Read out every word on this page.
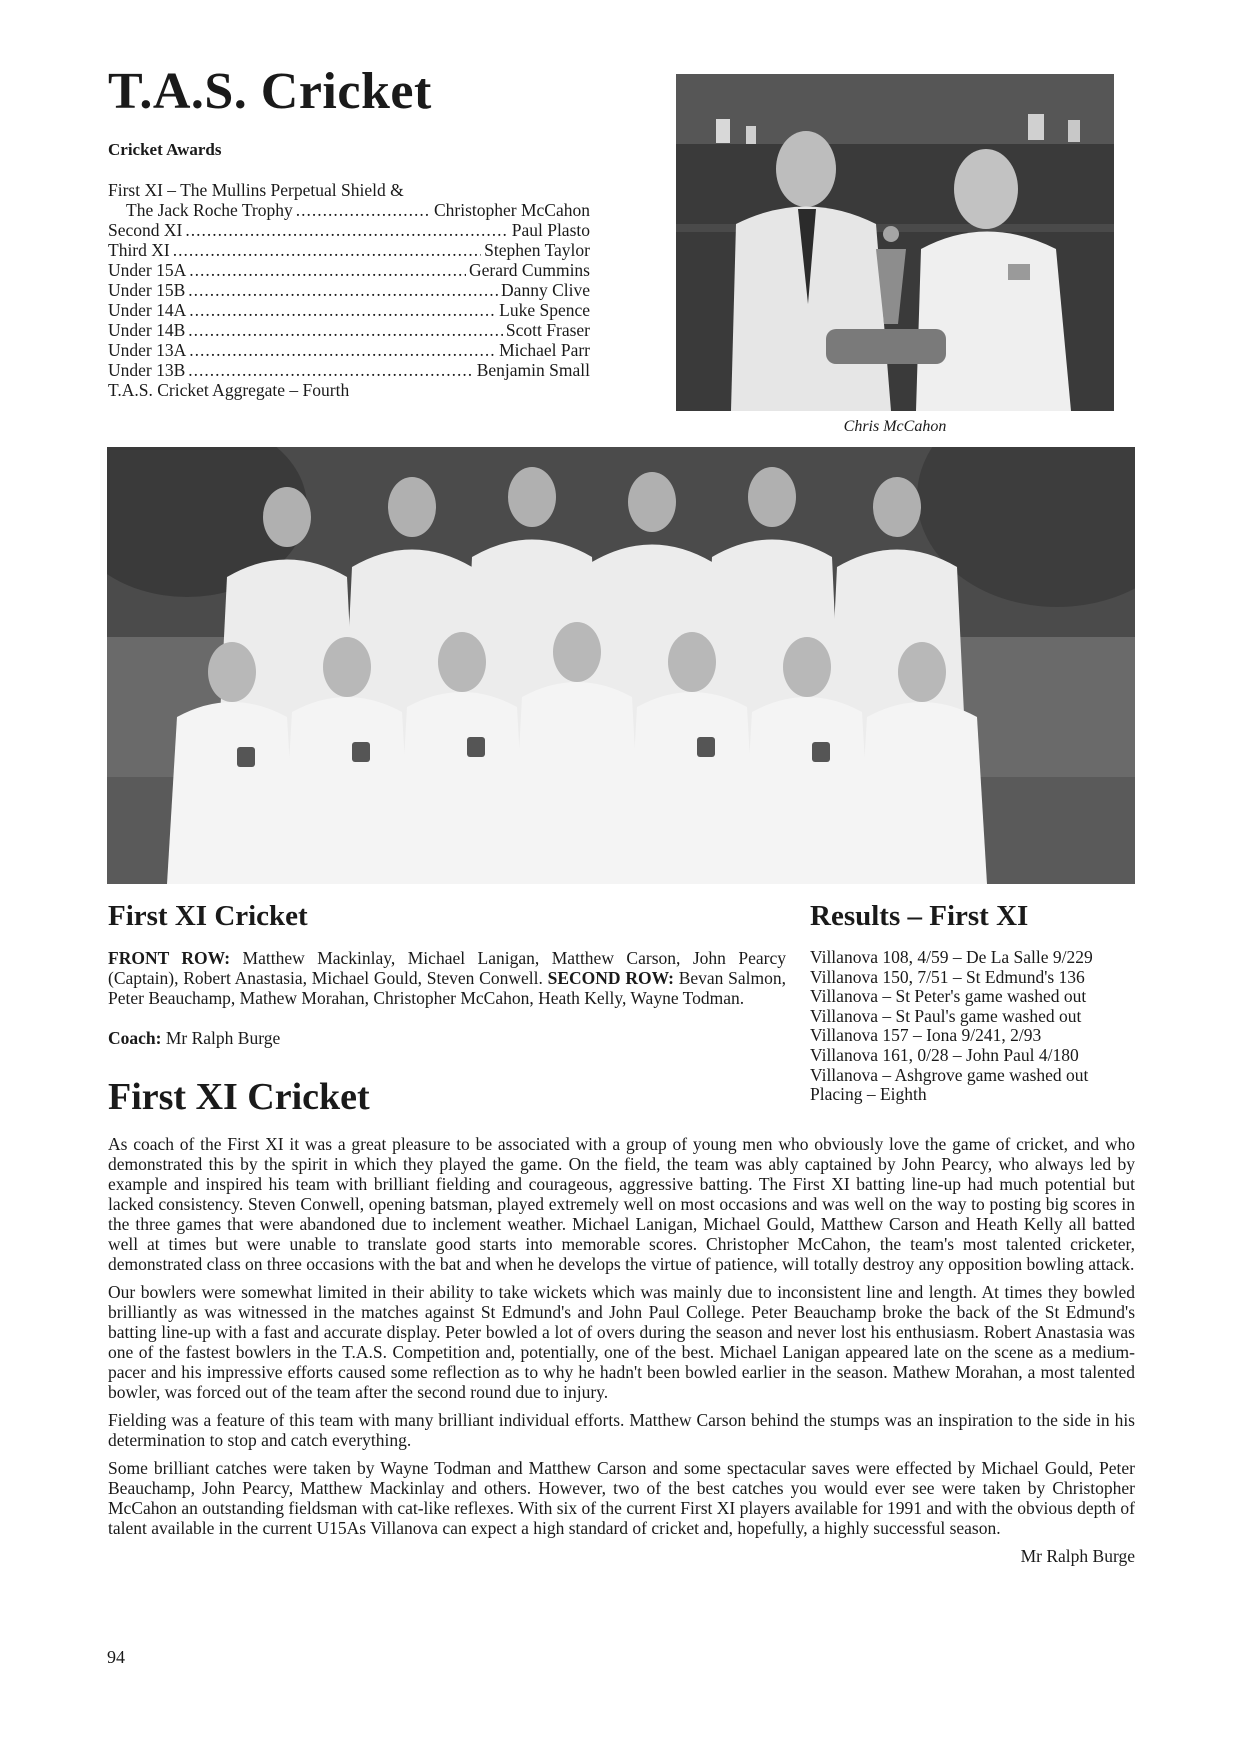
T.A.S. Cricket
Cricket Awards
First XI – The Mullins Perpetual Shield &
The Jack Roche Trophy .....	Christopher McCahon
Second XI .....	Paul Plasto
Third XI .....	Stephen Taylor
Under 15A .....	Gerard Cummins
Under 15B .....	Danny Clive
Under 14A .....	Luke Spence
Under 14B .....	Scott Fraser
Under 13A .....	Michael Parr
Under 13B .....	Benjamin Small
T.A.S. Cricket Aggregate – Fourth
Chris McCahon
First XI Cricket
FRONT ROW: Matthew Mackinlay, Michael Lanigan, Matthew Carson, John Pearcy (Captain), Robert Anastasia, Michael Gould, Steven Conwell. SECOND ROW: Bevan Salmon, Peter Beauchamp, Mathew Morahan, Christopher McCahon, Heath Kelly, Wayne Todman.
Coach: Mr Ralph Burge
Results – First XI
Villanova 108, 4/59 – De La Salle 9/229
Villanova 150, 7/51 – St Edmund's 136
Villanova – St Peter's game washed out
Villanova – St Paul's game washed out
Villanova 157 – Iona 9/241, 2/93
Villanova 161, 0/28 – John Paul 4/180
Villanova – Ashgrove game washed out
Placing – Eighth
First XI Cricket

As coach of the First XI it was a great pleasure to be associated with a group of young men who obviously love the game of cricket, and who demonstrated this by the spirit in which they played the game. On the field, the team was ably captained by John Pearcy, who always led by example and inspired his team with brilliant fielding and courageous, aggressive batting. The First XI batting line-up had much potential but lacked consistency. Steven Conwell, opening batsman, played extremely well on most occasions and was well on the way to posting big scores in the three games that were abandoned due to inclement weather. Michael Lanigan, Michael Gould, Matthew Carson and Heath Kelly all batted well at times but were unable to translate good starts into memorable scores. Christopher McCahon, the team's most talented cricketer, demonstrated class on three occasions with the bat and when he develops the virtue of patience, will totally destroy any opposition bowling attack.

Our bowlers were somewhat limited in their ability to take wickets which was mainly due to inconsistent line and length. At times they bowled brilliantly as was witnessed in the matches against St Edmund's and John Paul College. Peter Beauchamp broke the back of the St Edmund's batting line-up with a fast and accurate display. Peter bowled a lot of overs during the season and never lost his enthusiasm. Robert Anastasia was one of the fastest bowlers in the T.A.S. Competition and, potentially, one of the best. Michael Lanigan appeared late on the scene as a medium-pacer and his impressive efforts caused some reflection as to why he hadn't been bowled earlier in the season. Mathew Morahan, a most talented bowler, was forced out of the team after the second round due to injury.

Fielding was a feature of this team with many brilliant individual efforts. Matthew Carson behind the stumps was an inspiration to the side in his determination to stop and catch everything.

Some brilliant catches were taken by Wayne Todman and Matthew Carson and some spectacular saves were effected by Michael Gould, Peter Beauchamp, John Pearcy, Matthew Mackinlay and others. However, two of the best catches you would ever see were taken by Christopher McCahon an outstanding fieldsman with cat-like reflexes. With six of the current First XI players available for 1991 and with the obvious depth of talent available in the current U15As Villanova can expect a high standard of cricket and, hopefully, a highly successful season.

Mr Ralph Burge
94
